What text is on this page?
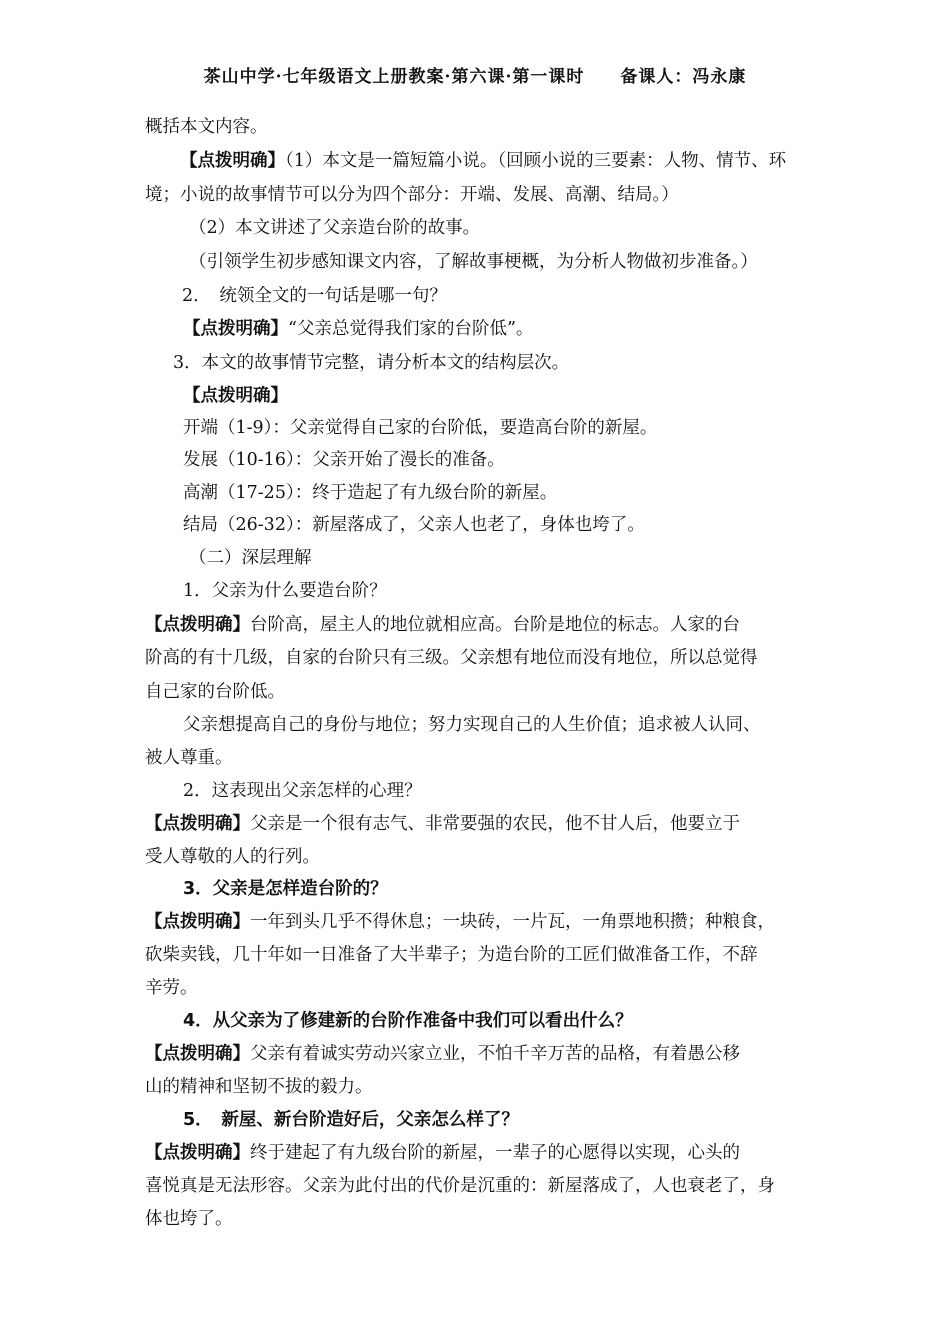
茶山中学·七年级语文上册教案·第六课·第一课时 备课人：冯永康
概括本文内容。
【点拨明确】（1）本文是一篇短篇小说。（回顾小说的三要素：人物、情节、环
境；小说的故事情节可以分为四个部分：开端、发展、高潮、结局。）
（2）本文讲述了父亲造台阶的故事。
（引领学生初步感知课文内容，了解故事梗概，为分析人物做初步准备。）
2．　统领全文的一句话是哪一句？
【点拨明确】“父亲总觉得我们家的台阶低”。
3．本文的故事情节完整，请分析本文的结构层次。
【点拨明确】
开端（1-9）：父亲觉得自己家的台阶低，要造高台阶的新屋。
发展（10-16）：父亲开始了漫长的准备。
高潮（17-25）：终于造起了有九级台阶的新屋。
结局（26-32）：新屋落成了，父亲人也老了，身体也垮了。
（二）深层理解
1．父亲为什么要造台阶？
【点拨明确】台阶高，屋主人的地位就相应高。台阶是地位的标志。人家的台
阶高的有十几级，自家的台阶只有三级。父亲想有地位而没有地位，所以总觉得
自己家的台阶低。
父亲想提高自己的身份与地位；努力实现自己的人生价值；追求被人认同、
被人尊重。
2．这表现出父亲怎样的心理？
【点拨明确】父亲是一个很有志气、非常要强的农民，他不甘人后，他要立于
受人尊敬的人的行列。
3．父亲是怎样造台阶的？
【点拨明确】一年到头几乎不得休息；一块砖，一片瓦，一角票地积攒；种粮食，
砍柴卖钱，几十年如一日准备了大半辈子；为造台阶的工匠们做准备工作，不辞
辛劳。
4．从父亲为了修建新的台阶作准备中我们可以看出什么？
【点拨明确】父亲有着诚实劳动兴家立业，不怕千辛万苦的品格，有着愚公移
山的精神和坚韧不拔的毅力。
5．　新屋、新台阶造好后，父亲怎么样了？
【点拨明确】终于建起了有九级台阶的新屋，一辈子的心愿得以实现，心头的
喜悦真是无法形容。父亲为此付出的代价是沉重的：新屋落成了，人也衰老了，身
体也垮了。
